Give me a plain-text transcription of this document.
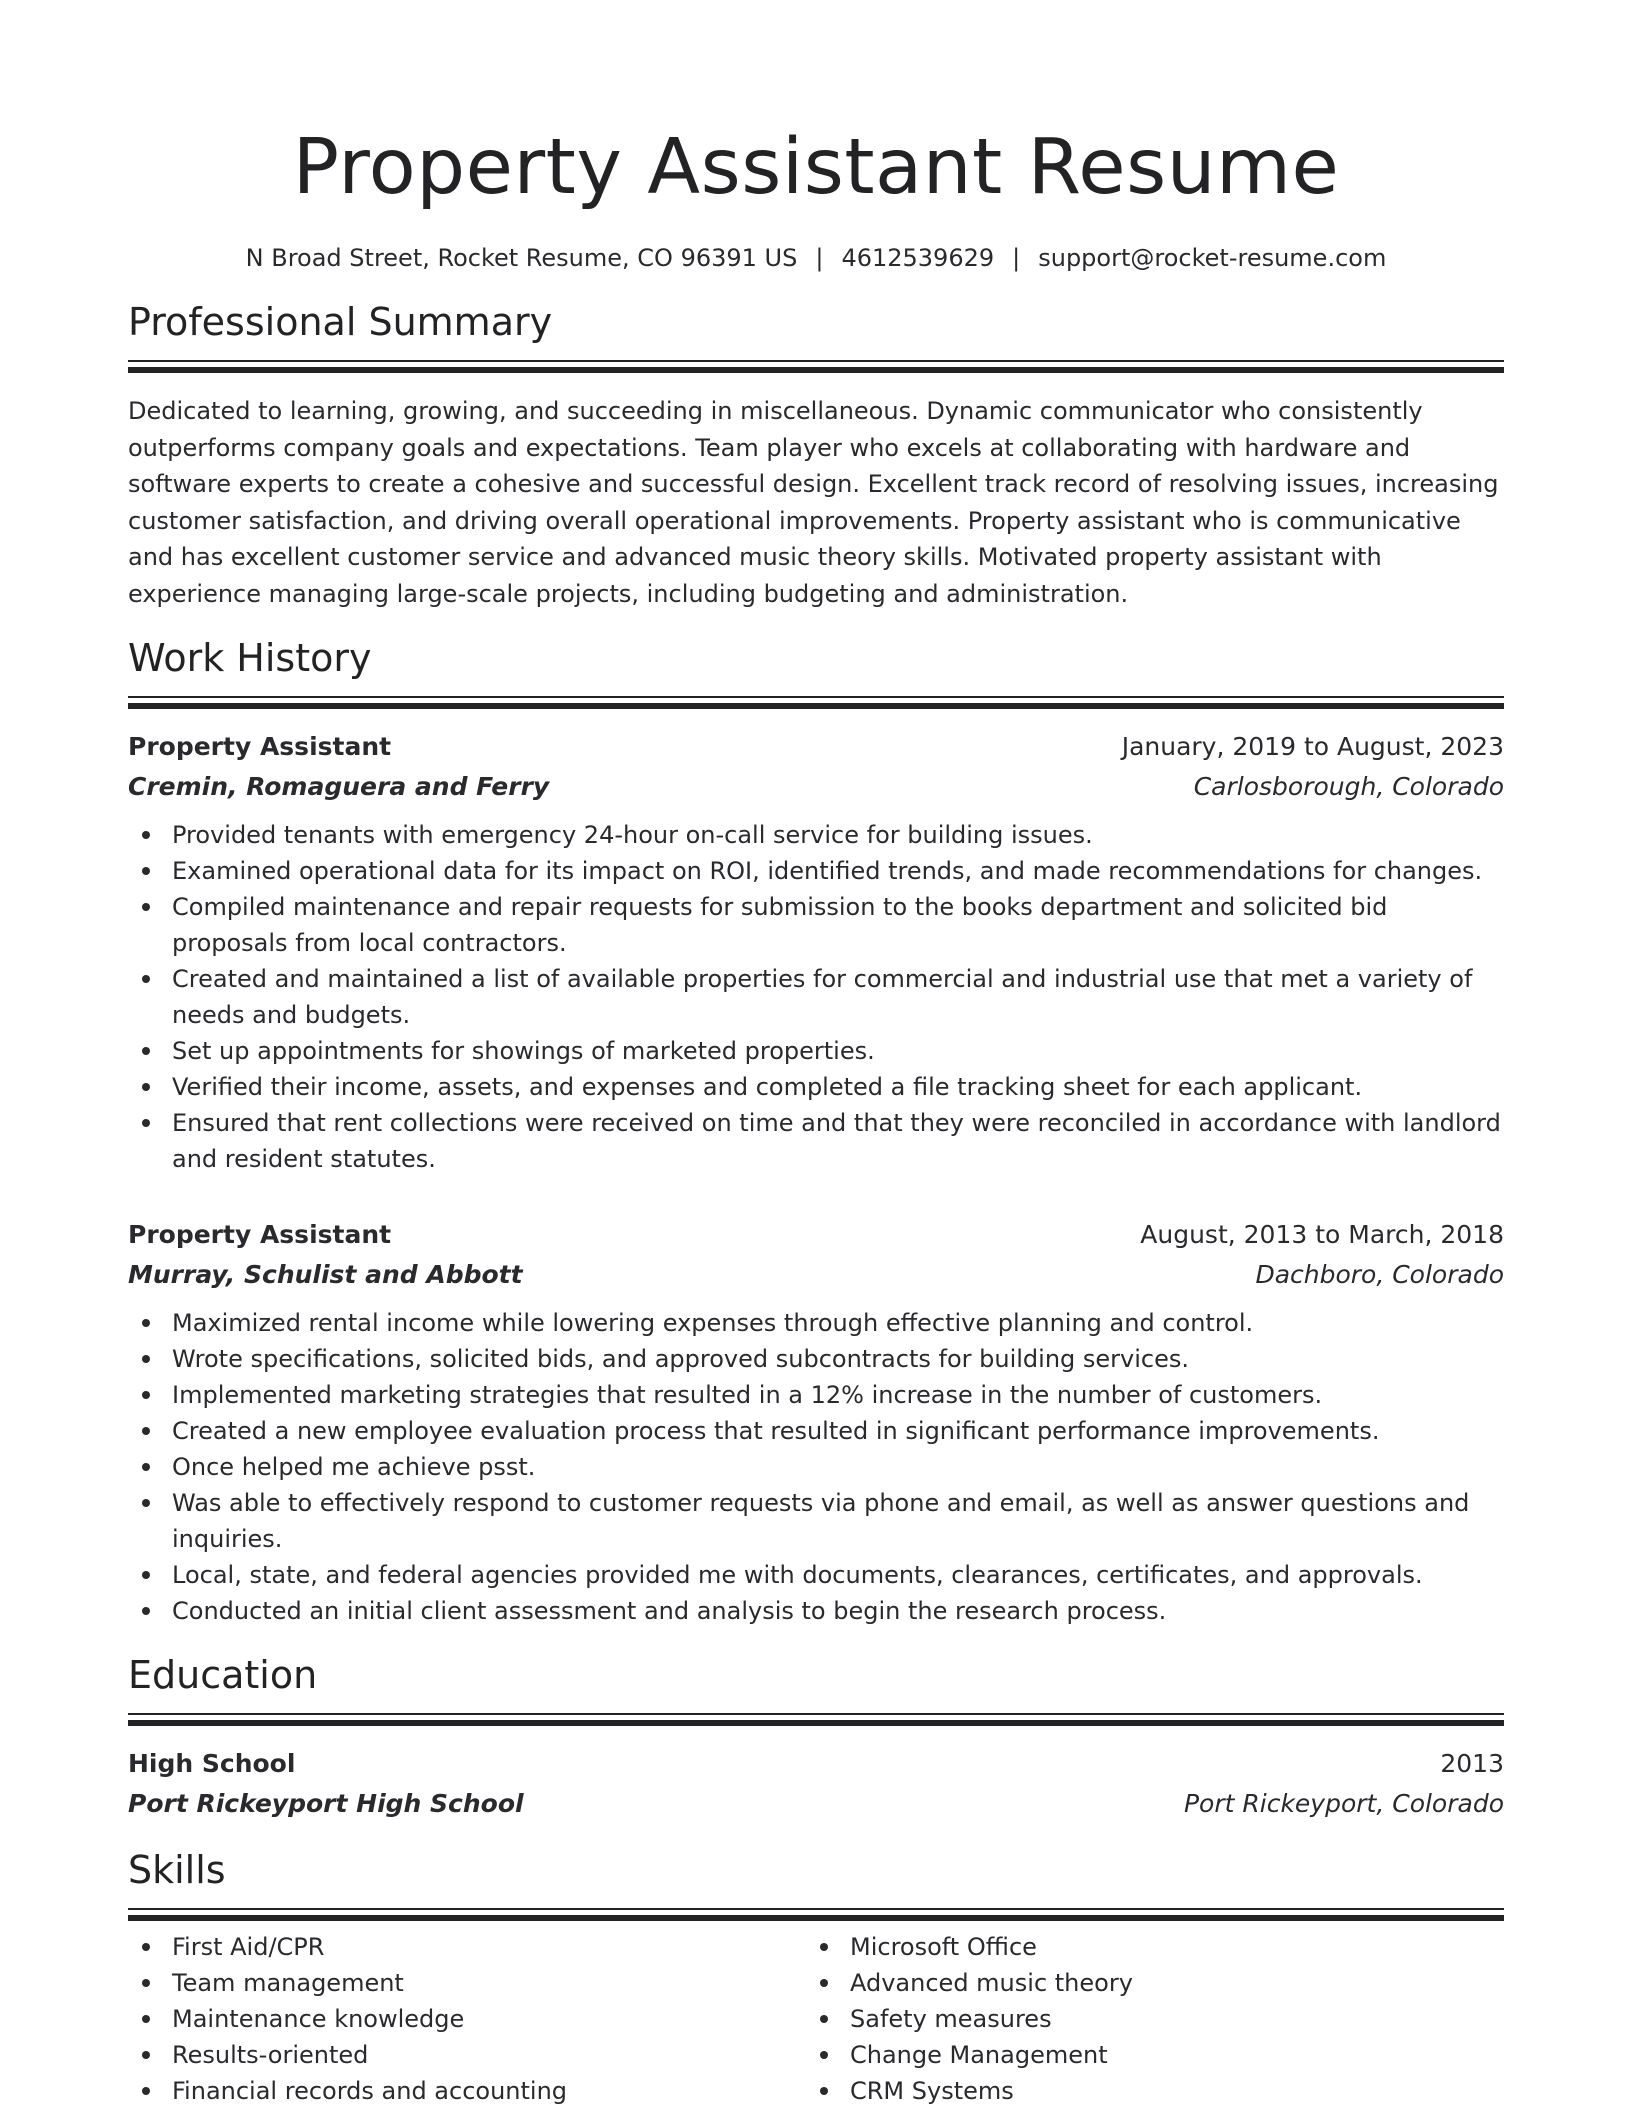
Property Assistant Resume
N Broad Street, Rocket Resume, CO 96391 US | 4612539629 | support@rocket-resume.com
Professional Summary
Dedicated to learning, growing, and succeeding in miscellaneous. Dynamic communicator who consistently outperforms company goals and expectations. Team player who excels at collaborating with hardware and software experts to create a cohesive and successful design. Excellent track record of resolving issues, increasing customer satisfaction, and driving overall operational improvements. Property assistant who is communicative and has excellent customer service and advanced music theory skills. Motivated property assistant with experience managing large-scale projects, including budgeting and administration.
Work History
Property Assistant	January, 2019 to August, 2023
Cremin, Romaguera and Ferry	Carlosborough, Colorado
Provided tenants with emergency 24-hour on-call service for building issues.
Examined operational data for its impact on ROI, identified trends, and made recommendations for changes.
Compiled maintenance and repair requests for submission to the books department and solicited bid proposals from local contractors.
Created and maintained a list of available properties for commercial and industrial use that met a variety of needs and budgets.
Set up appointments for showings of marketed properties.
Verified their income, assets, and expenses and completed a file tracking sheet for each applicant.
Ensured that rent collections were received on time and that they were reconciled in accordance with landlord and resident statutes.
Property Assistant	August, 2013 to March, 2018
Murray, Schulist and Abbott	Dachboro, Colorado
Maximized rental income while lowering expenses through effective planning and control.
Wrote specifications, solicited bids, and approved subcontracts for building services.
Implemented marketing strategies that resulted in a 12% increase in the number of customers.
Created a new employee evaluation process that resulted in significant performance improvements.
Once helped me achieve psst.
Was able to effectively respond to customer requests via phone and email, as well as answer questions and inquiries.
Local, state, and federal agencies provided me with documents, clearances, certificates, and approvals.
Conducted an initial client assessment and analysis to begin the research process.
Education
High School	2013
Port Rickeyport High School	Port Rickeyport, Colorado
Skills
First Aid/CPR
Team management
Maintenance knowledge
Results-oriented
Financial records and accounting
Microsoft Office
Advanced music theory
Safety measures
Change Management
CRM Systems
